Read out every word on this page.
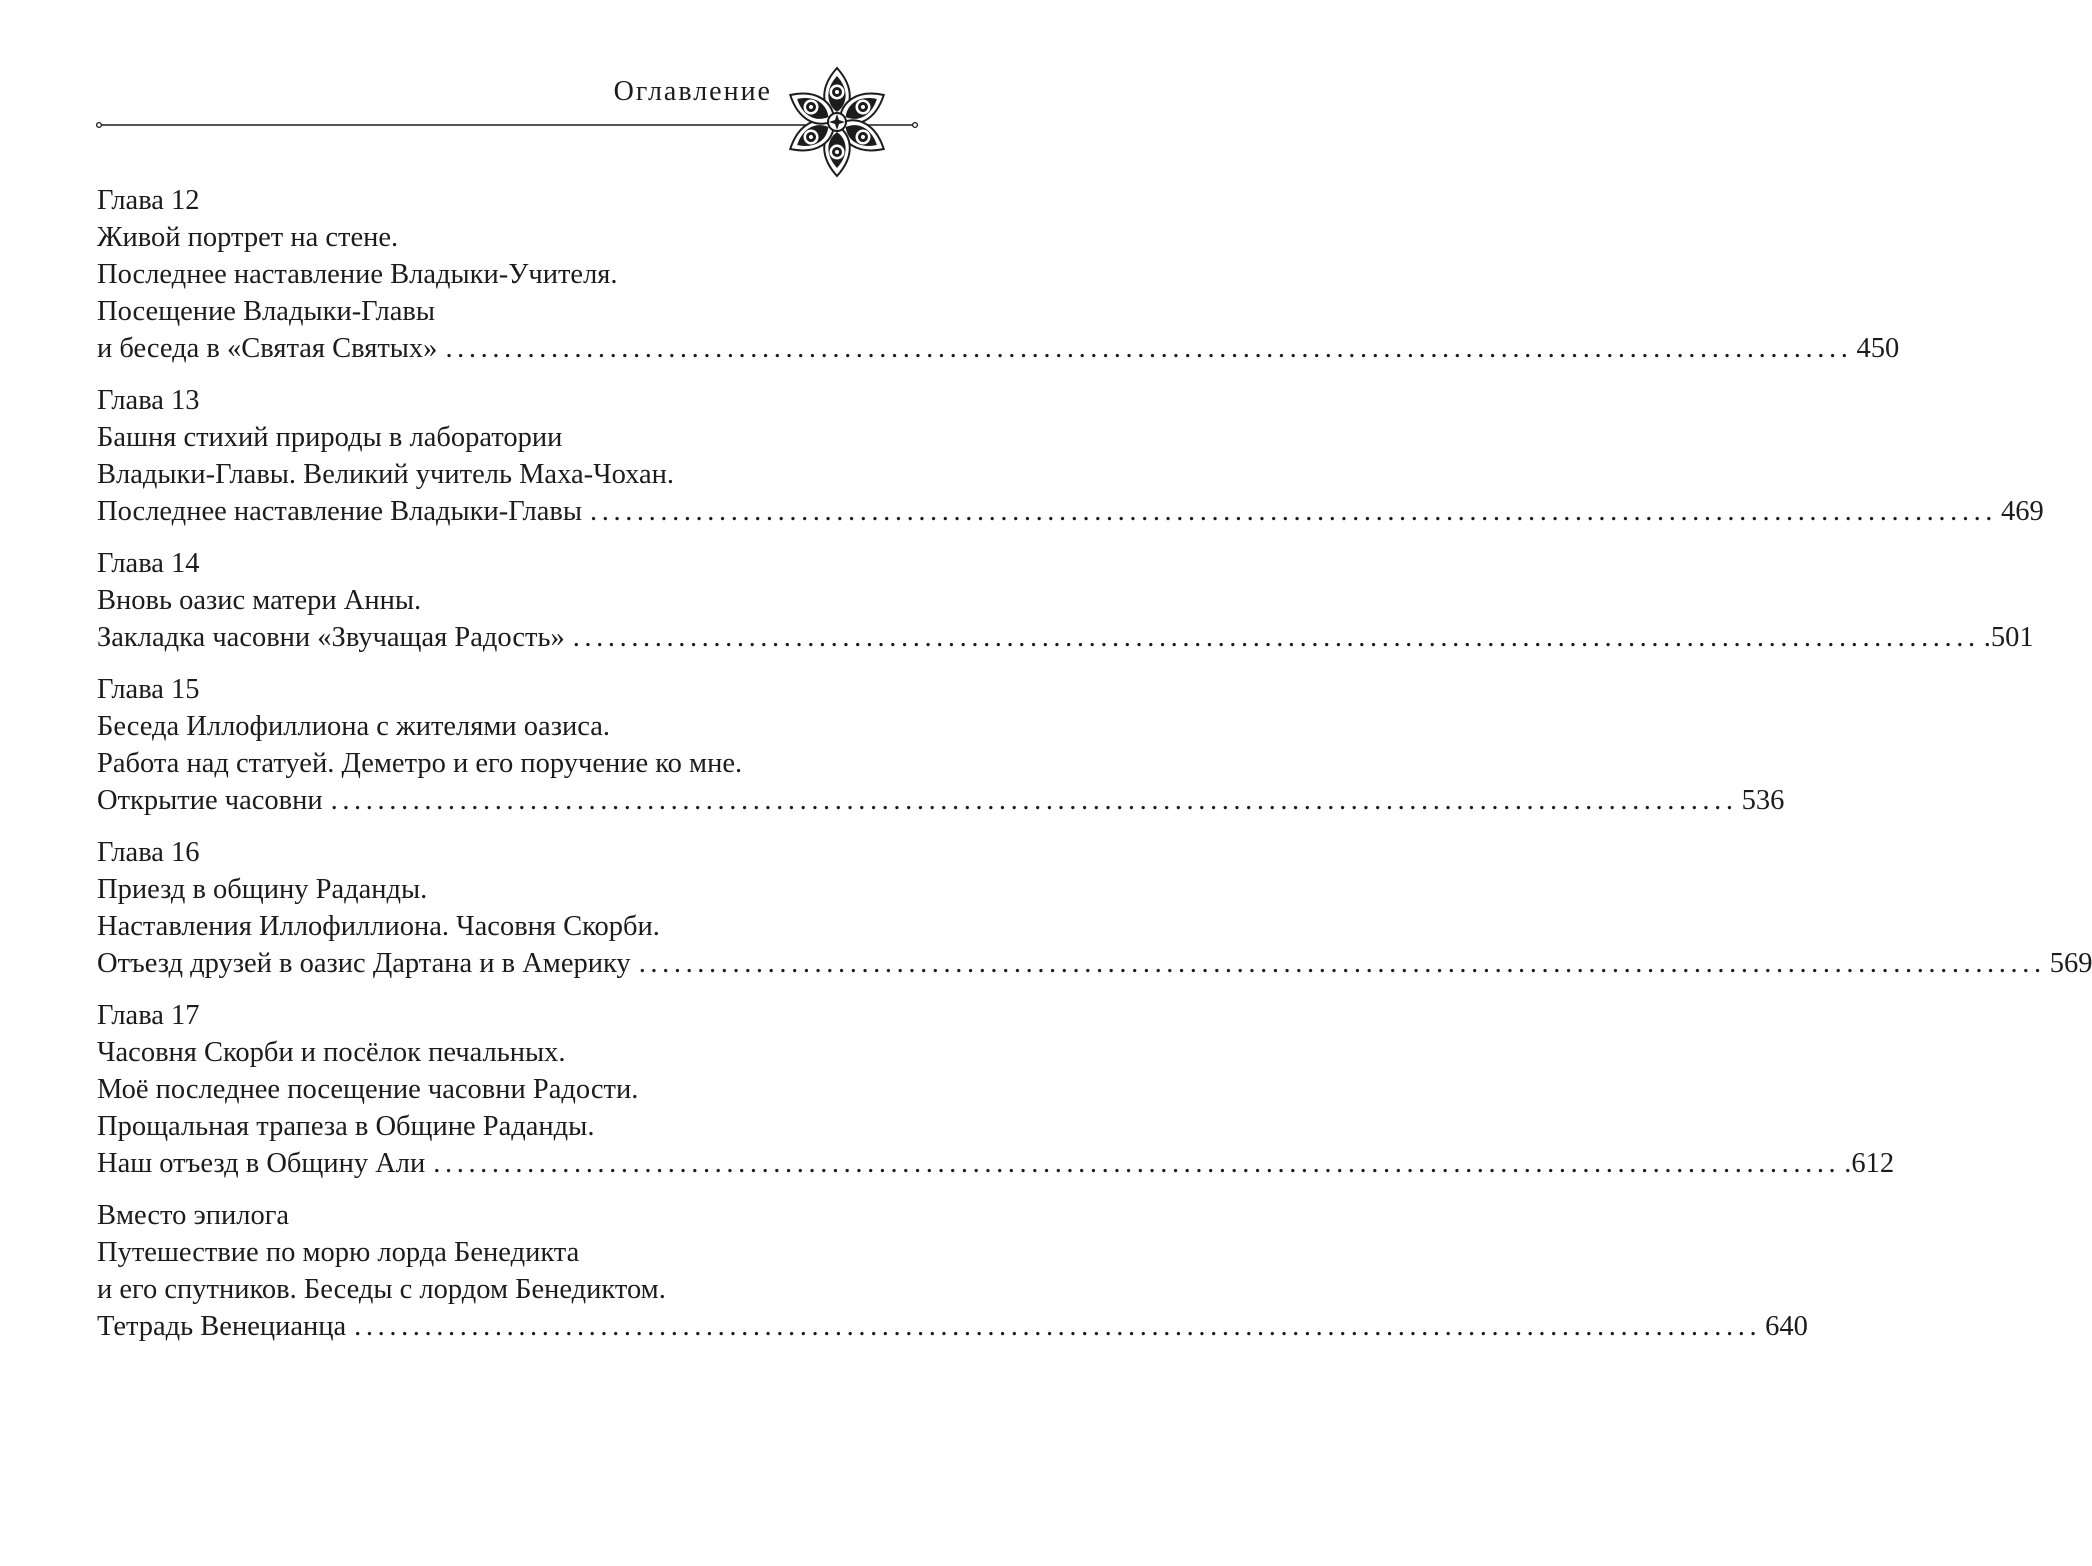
Оглавление
Глава 12
Живой портрет на стене.
Последнее наставление Владыки-Учителя.
Посещение Владыки-Главы
и беседа в «Святая Святых» ........................................................................................................................ 450
Глава 13
Башня стихий природы в лаборатории
Владыки-Главы. Великий учитель Маха-Чохан.
Последнее наставление Владыки-Главы ........................................................................................................................ 469
Глава 14
Вновь оазис матери Анны.
Закладка часовни «Звучащая Радость» ........................................................................................................................ .501
Глава 15
Беседа Иллофиллиона с жителями оазиса.
Работа над статуей. Деметро и его поручение ко мне.
Открытие часовни ........................................................................................................................ 536
Глава 16
Приезд в общину Раданды.
Наставления Иллофиллиона. Часовня Скорби.
Отъезд друзей в оазис Дартана и в Америку ........................................................................................................................ 569
Глава 17
Часовня Скорби и посёлок печальных.
Моё последнее посещение часовни Радости.
Прощальная трапеза в Общине Раданды.
Наш отъезд в Общину Али ........................................................................................................................ .612
Вместо эпилога
Путешествие по морю лорда Бенедикта
и его спутников. Беседы с лордом Бенедиктом.
Тетрадь Венецианца ........................................................................................................................ 640
